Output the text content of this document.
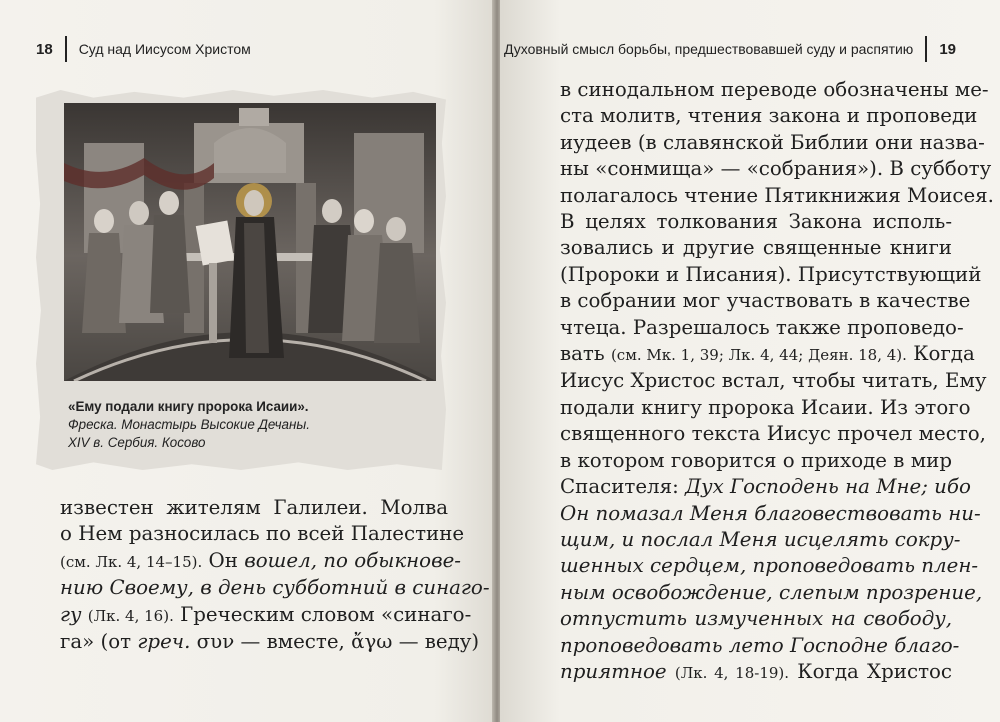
18 Суд над Иисусом Христом
«Ему подали книгу пророка Исаии».
Фреска. Монастырь Высокие Дечаны.
XIV в. Сербия. Косово
известен жителям Галилеи. Молва
о Нем разносилась по всей Палестине
(см. Лк. 4, 14–15). Он вошел, по обыкнове-
нию Своему, в день субботний в синаго-
гу (Лк. 4, 16). Греческим словом «синаго-
га» (от греч. συν — вместе, ἄγω — веду)
Духовный смысл борьбы, предшествовавшей суду и распятию 19
в синодальном переводе обозначены ме-
ста молитв, чтения закона и проповеди
иудеев (в славянской Библии они назва-
ны «сонмища» — «собрания»). В субботу
полагалось чтение Пятикнижия Моисея.
В целях толкования Закона исполь-
зовались и другие священные книги
(Пророки и Писания). Присутствующий
в собрании мог участвовать в качестве
чтеца. Разрешалось также проповедо-
вать (см. Мк. 1, 39; Лк. 4, 44; Деян. 18, 4). Когда
Иисус Христос встал, чтобы читать, Ему
подали книгу пророка Исаии. Из этого
священного текста Иисус прочел место,
в котором говорится о приходе в мир
Спасителя: Дух Господень на Мне; ибо
Он помазал Меня благовествовать ни-
щим, и послал Меня исцелять сокру-
шенных сердцем, проповедовать плен-
ным освобождение, слепым прозрение,
отпустить измученных на свободу,
проповедовать лето Господне благо-
приятное (Лк. 4, 18-19). Когда Христос
